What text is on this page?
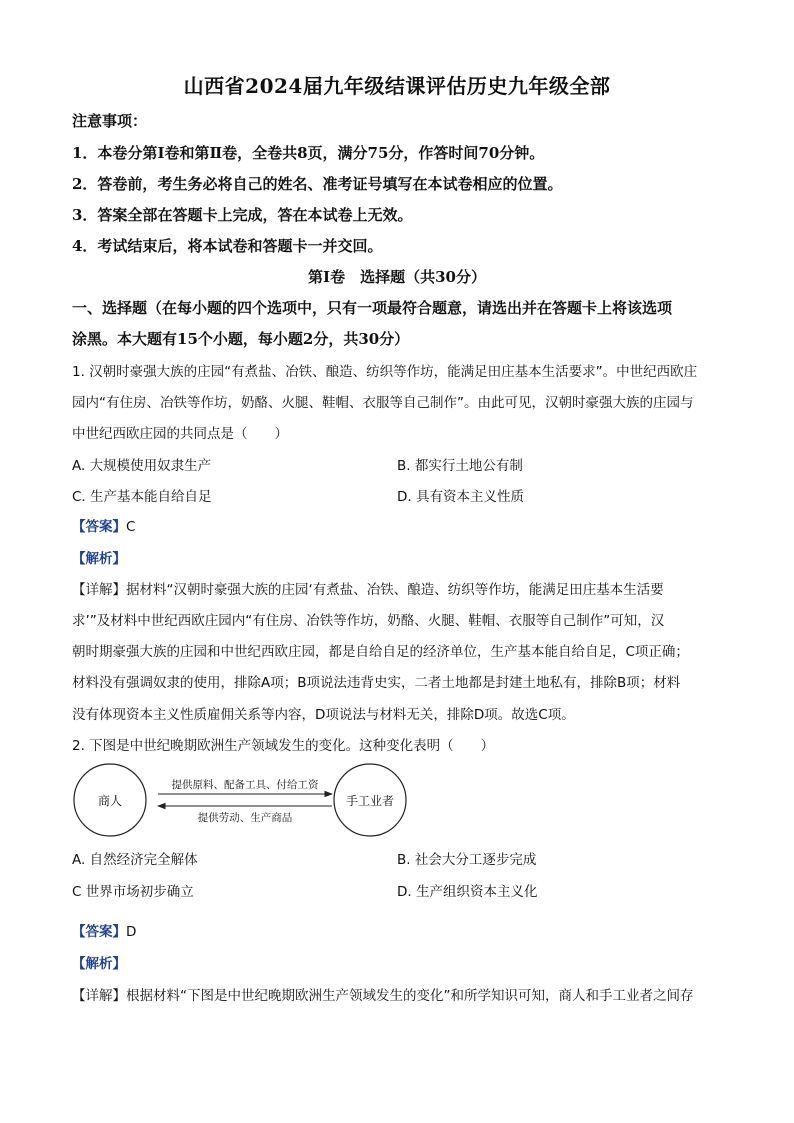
山西省2024届九年级结课评估历史九年级全部
注意事项：
1．本卷分第Ⅰ卷和第Ⅱ卷，全卷共8页，满分75分，作答时间70分钟。
2．答卷前，考生务必将自己的姓名、准考证号填写在本试卷相应的位置。
3．答案全部在答题卡上完成，答在本试卷上无效。
4．考试结束后，将本试卷和答题卡一并交回。
第Ⅰ卷　选择题（共30分）
一、选择题（在每小题的四个选项中，只有一项最符合题意，请选出并在答题卡上将该选项
涂黑。本大题有15个小题，每小题2分，共30分）
1. 汉朝时豪强大族的庄园“有煮盐、冶铁、酿造、纺织等作坊，能满足田庄基本生活要求”。中世纪西欧庄
园内“有住房、冶铁等作坊，奶酪、火腿、鞋帽、衣服等自己制作”。由此可见，汉朝时豪强大族的庄园与
中世纪西欧庄园的共同点是（　　）
A. 大规模使用奴隶生产	B. 都实行土地公有制
C. 生产基本能自给自足	D. 具有资本主义性质
【答案】C
【解析】
【详解】据材料“汉朝时豪强大族的庄园‘有煮盐、冶铁、酿造、纺织等作坊，能满足田庄基本生活要
求’”及材料中世纪西欧庄园内“有住房、冶铁等作坊，奶酪、火腿、鞋帽、衣服等自己制作”可知，汉
朝时期豪强大族的庄园和中世纪西欧庄园，都是自给自足的经济单位，生产基本能自给自足，C项正确；
材料没有强调奴隶的使用，排除A项；B项说法违背史实，二者土地都是封建土地私有，排除B项；材料
没有体现资本主义性质雇佣关系等内容，D项说法与材料无关，排除D项。故选C项。
2. 下图是中世纪晚期欧洲生产领域发生的变化。这种变化表明（　　）
商人	手工业者
提供原料、配备工具、付给工资
提供劳动、生产商品
A. 自然经济完全解体	B. 社会大分工逐步完成
C 世界市场初步确立	D. 生产组织资本主义化
【答案】D
【解析】
【详解】根据材料“下图是中世纪晚期欧洲生产领域发生的变化”和所学知识可知，商人和手工业者之间存
